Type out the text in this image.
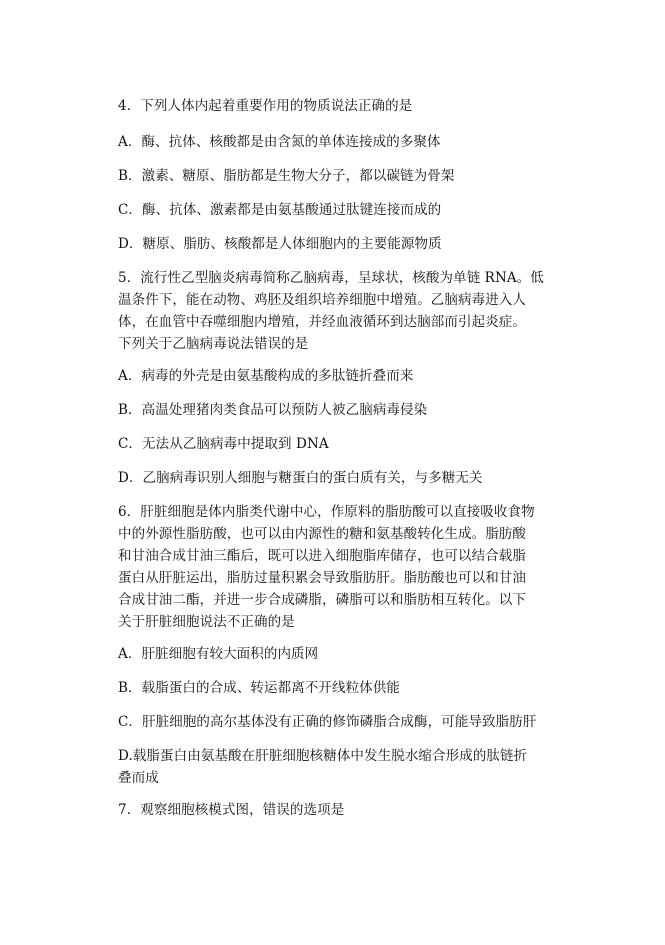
4．下列人体内起着重要作用的物质说法正确的是
A．酶、抗体、核酸都是由含氮的单体连接成的多聚体
B．激素、糖原、脂肪都是生物大分子，都以碳链为骨架
C．酶、抗体、激素都是由氨基酸通过肽键连接而成的
D．糖原、脂肪、核酸都是人体细胞内的主要能源物质
5．流行性乙型脑炎病毒简称乙脑病毒，呈球状，核酸为单链 RNA。低
温条件下，能在动物、鸡胚及组织培养细胞中增殖。乙脑病毒进入人
体，在血管中吞噬细胞内增殖，并经血液循环到达脑部而引起炎症。
下列关于乙脑病毒说法错误的是
A．病毒的外壳是由氨基酸构成的多肽链折叠而来
B．高温处理猪肉类食品可以预防人被乙脑病毒侵染
C．无法从乙脑病毒中提取到 DNA
D．乙脑病毒识别人细胞与糖蛋白的蛋白质有关，与多糖无关
6．肝脏细胞是体内脂类代谢中心，作原料的脂肪酸可以直接吸收食物
中的外源性脂肪酸，也可以由内源性的糖和氨基酸转化生成。脂肪酸
和甘油合成甘油三酯后，既可以进入细胞脂库储存，也可以结合载脂
蛋白从肝脏运出，脂肪过量积累会导致脂肪肝。脂肪酸也可以和甘油
合成甘油二酯，并进一步合成磷脂，磷脂可以和脂肪相互转化。以下
关于肝脏细胞说法不正确的是
A．肝脏细胞有较大面积的内质网
B．载脂蛋白的合成、转运都离不开线粒体供能
C．肝脏细胞的高尔基体没有正确的修饰磷脂合成酶，可能导致脂肪肝
D.载脂蛋白由氨基酸在肝脏细胞核糖体中发生脱水缩合形成的肽链折
叠而成
7．观察细胞核模式图，错误的选项是
